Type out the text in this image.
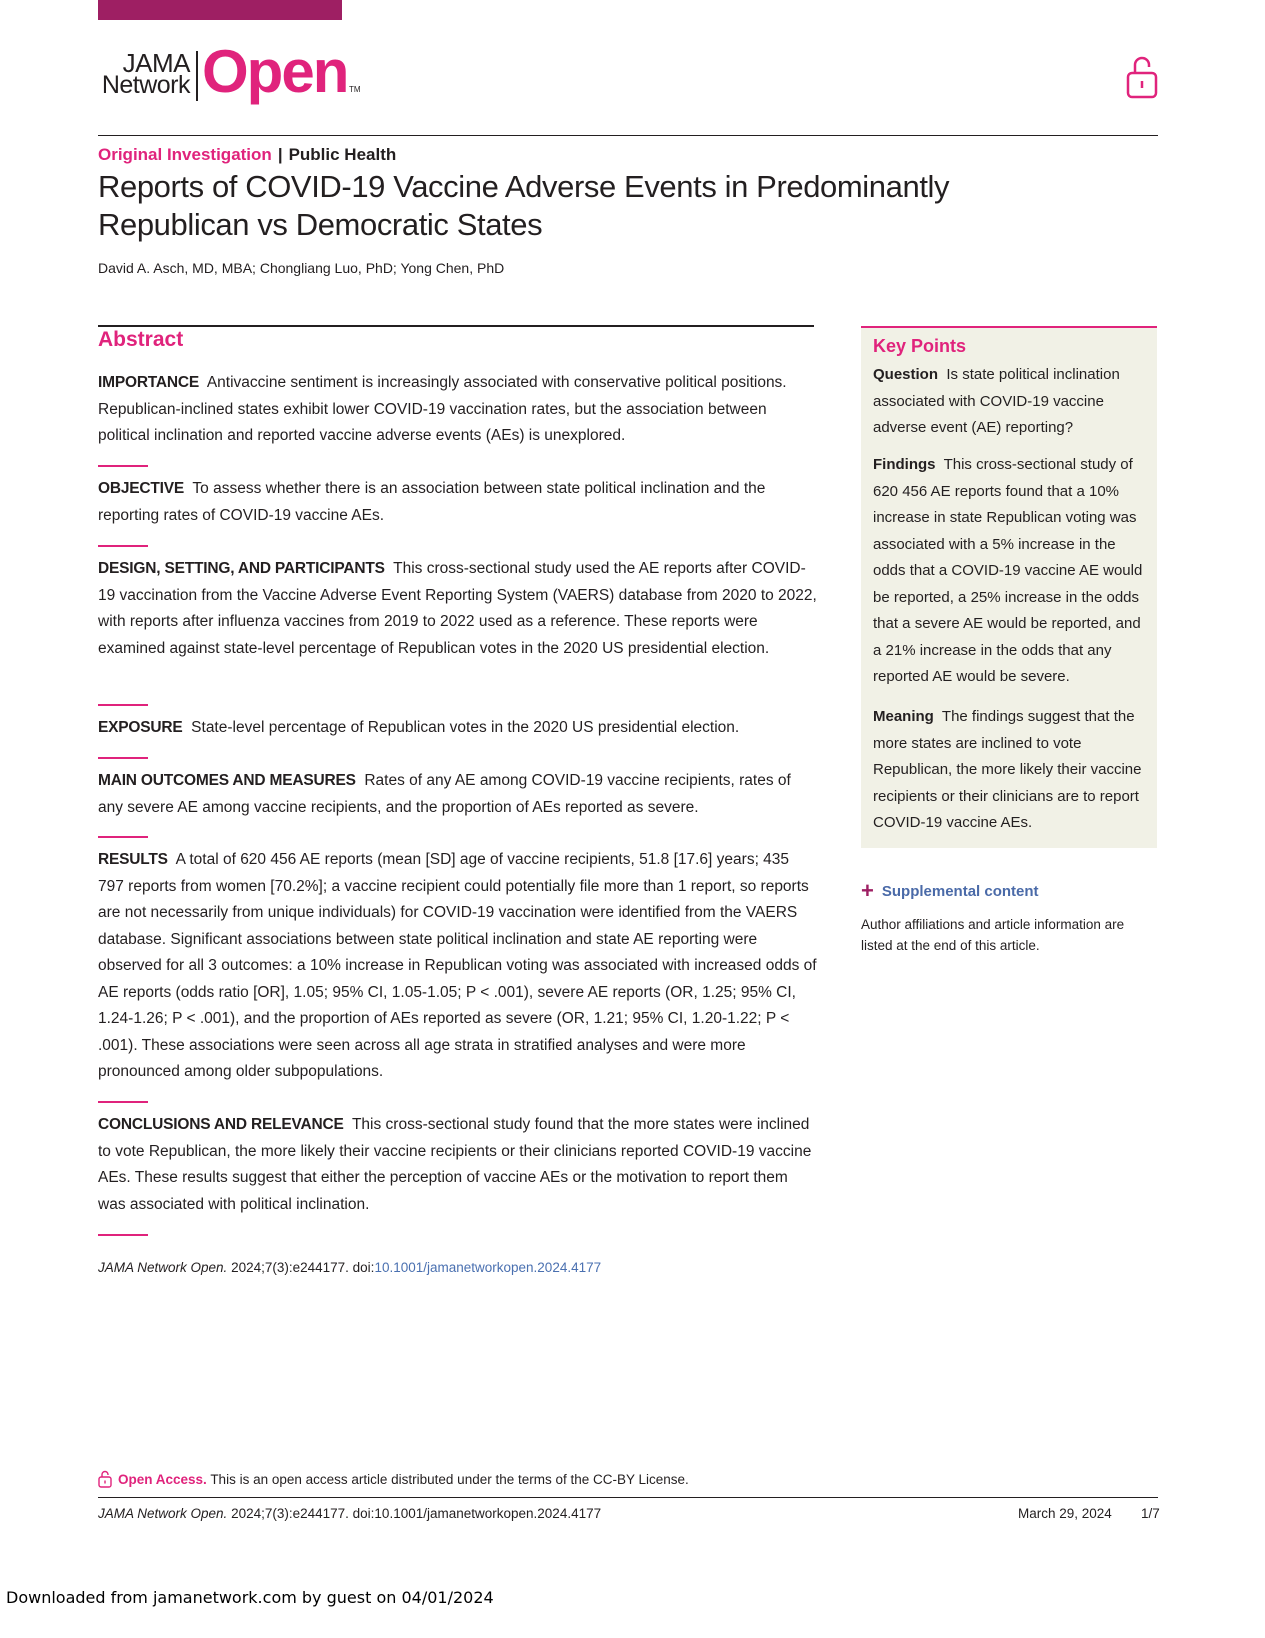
JAMA
Network Open TM
Original Investigation | Public Health
Reports of COVID-19 Vaccine Adverse Events in Predominantly Republican vs Democratic States
David A. Asch, MD, MBA; Chongliang Luo, PhD; Yong Chen, PhD
Abstract

IMPORTANCE Antivaccine sentiment is increasingly associated with conservative political positions. Republican-inclined states exhibit lower COVID-19 vaccination rates, but the association between political inclination and reported vaccine adverse events (AEs) is unexplored.

OBJECTIVE To assess whether there is an association between state political inclination and the reporting rates of COVID-19 vaccine AEs.

DESIGN, SETTING, AND PARTICIPANTS This cross-sectional study used the AE reports after COVID-19 vaccination from the Vaccine Adverse Event Reporting System (VAERS) database from 2020 to 2022, with reports after influenza vaccines from 2019 to 2022 used as a reference. These reports were examined against state-level percentage of Republican votes in the 2020 US presidential election.

EXPOSURE State-level percentage of Republican votes in the 2020 US presidential election.

MAIN OUTCOMES AND MEASURES Rates of any AE among COVID-19 vaccine recipients, rates of any severe AE among vaccine recipients, and the proportion of AEs reported as severe.

RESULTS A total of 620 456 AE reports (mean [SD] age of vaccine recipients, 51.8 [17.6] years; 435 797 reports from women [70.2%]; a vaccine recipient could potentially file more than 1 report, so reports are not necessarily from unique individuals) for COVID-19 vaccination were identified from the VAERS database. Significant associations between state political inclination and state AE reporting were observed for all 3 outcomes: a 10% increase in Republican voting was associated with increased odds of AE reports (odds ratio [OR], 1.05; 95% CI, 1.05-1.05; P < .001), severe AE reports (OR, 1.25; 95% CI, 1.24-1.26; P < .001), and the proportion of AEs reported as severe (OR, 1.21; 95% CI, 1.20-1.22; P < .001). These associations were seen across all age strata in stratified analyses and were more pronounced among older subpopulations.

CONCLUSIONS AND RELEVANCE This cross-sectional study found that the more states were inclined to vote Republican, the more likely their vaccine recipients or their clinicians reported COVID-19 vaccine AEs. These results suggest that either the perception of vaccine AEs or the motivation to report them was associated with political inclination.

JAMA Network Open. 2024;7(3):e244177. doi:10.1001/jamanetworkopen.2024.4177
Key Points

Question Is state political inclination associated with COVID-19 vaccine adverse event (AE) reporting?

Findings This cross-sectional study of 620 456 AE reports found that a 10% increase in state Republican voting was associated with a 5% increase in the odds that a COVID-19 vaccine AE would be reported, a 25% increase in the odds that a severe AE would be reported, and a 21% increase in the odds that any reported AE would be severe.

Meaning The findings suggest that the more states are inclined to vote Republican, the more likely their vaccine recipients or their clinicians are to report COVID-19 vaccine AEs.

+ Supplemental content
Author affiliations and article information are listed at the end of this article.
Open Access. This is an open access article distributed under the terms of the CC-BY License.
JAMA Network Open. 2024;7(3):e244177. doi:10.1001/jamanetworkopen.2024.4177	March 29, 2024 1/7
Downloaded from jamanetwork.com by guest on 04/01/2024
